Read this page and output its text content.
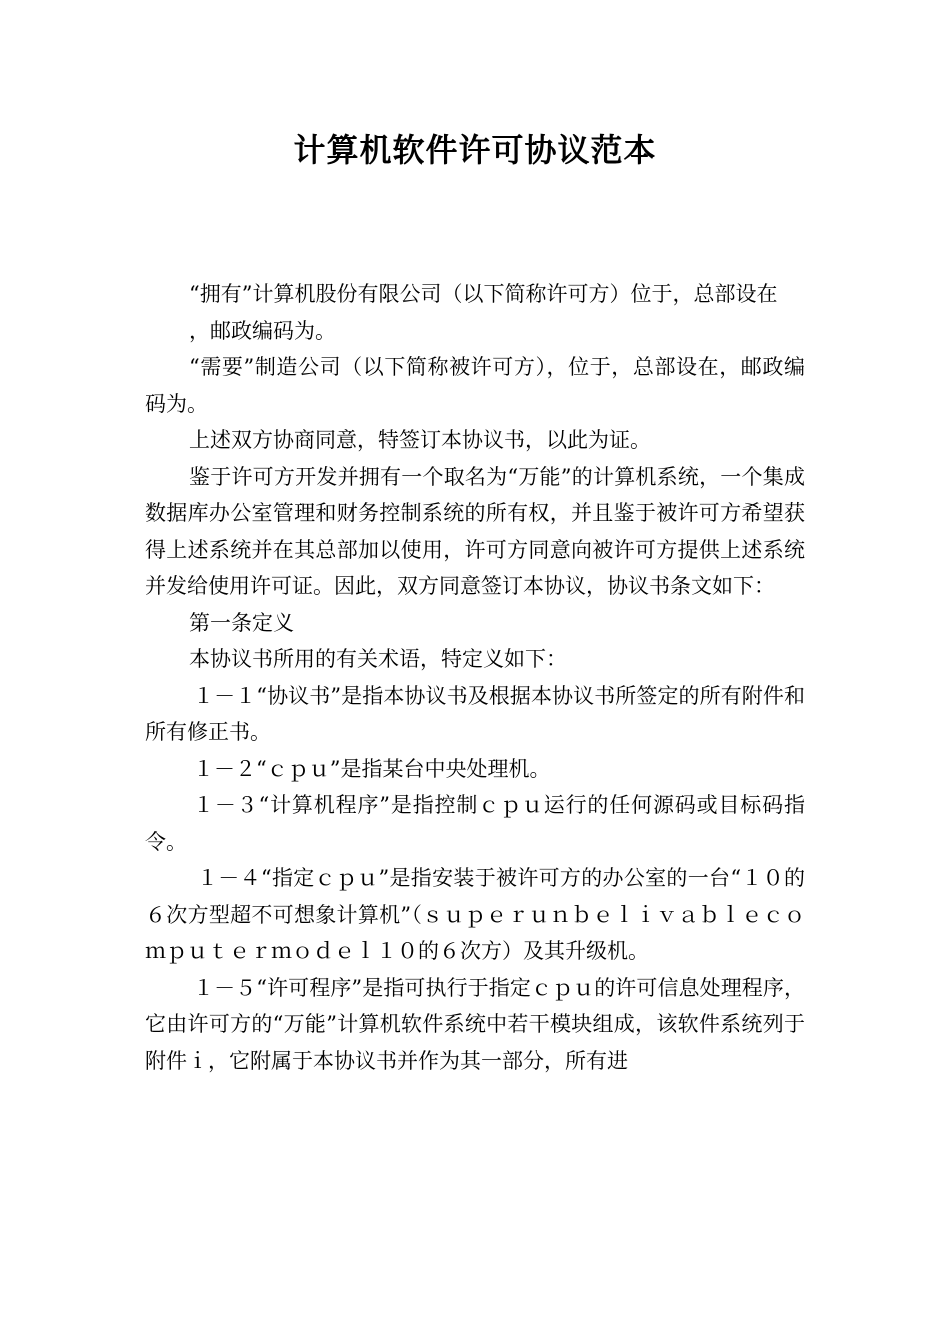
计算机软件许可协议范本

“拥有”计算机股份有限公司（以下简称许可方）位于，总部设在

，邮政编码为。

“需要”制造公司（以下简称被许可方），位于，总部设在，邮政编码为。

上述双方协商同意，特签订本协议书，以此为证。

鉴于许可方开发并拥有一个取名为“万能”的计算机系统，一个集成数据库办公室管理和财务控制系统的所有权，并且鉴于被许可方希望获得上述系统并在其总部加以使用，许可方同意向被许可方提供上述系统并发给使用许可证。因此，双方同意签订本协议，协议书条文如下：

第一条定义

本协议书所用的有关术语，特定义如下：

１－１“协议书”是指本协议书及根据本协议书所签定的所有附件和所有修正书。

１－２“ｃｐｕ”是指某台中央处理机。

１－３“计算机程序”是指控制ｃｐｕ运行的任何源码或目标码指令。

１－４“指定ｃｐｕ”是指安装于被许可方的办公室的一台“１０的６次方型超不可想象计算机”（ｓｕｐｅｒｕｎｂｅｌｉｖａｂｌｅｃｏｍｐｕｔｅｒｍｏｄｅｌ１０的６次方）及其升级机。

１－５“许可程序”是指可执行于指定ｃｐｕ的许可信息处理程序，它由许可方的“万能”计算机软件系统中若干模块组成，该软件系统列于附件ｉ，它附属于本协议书并作为其一部分，所有进
